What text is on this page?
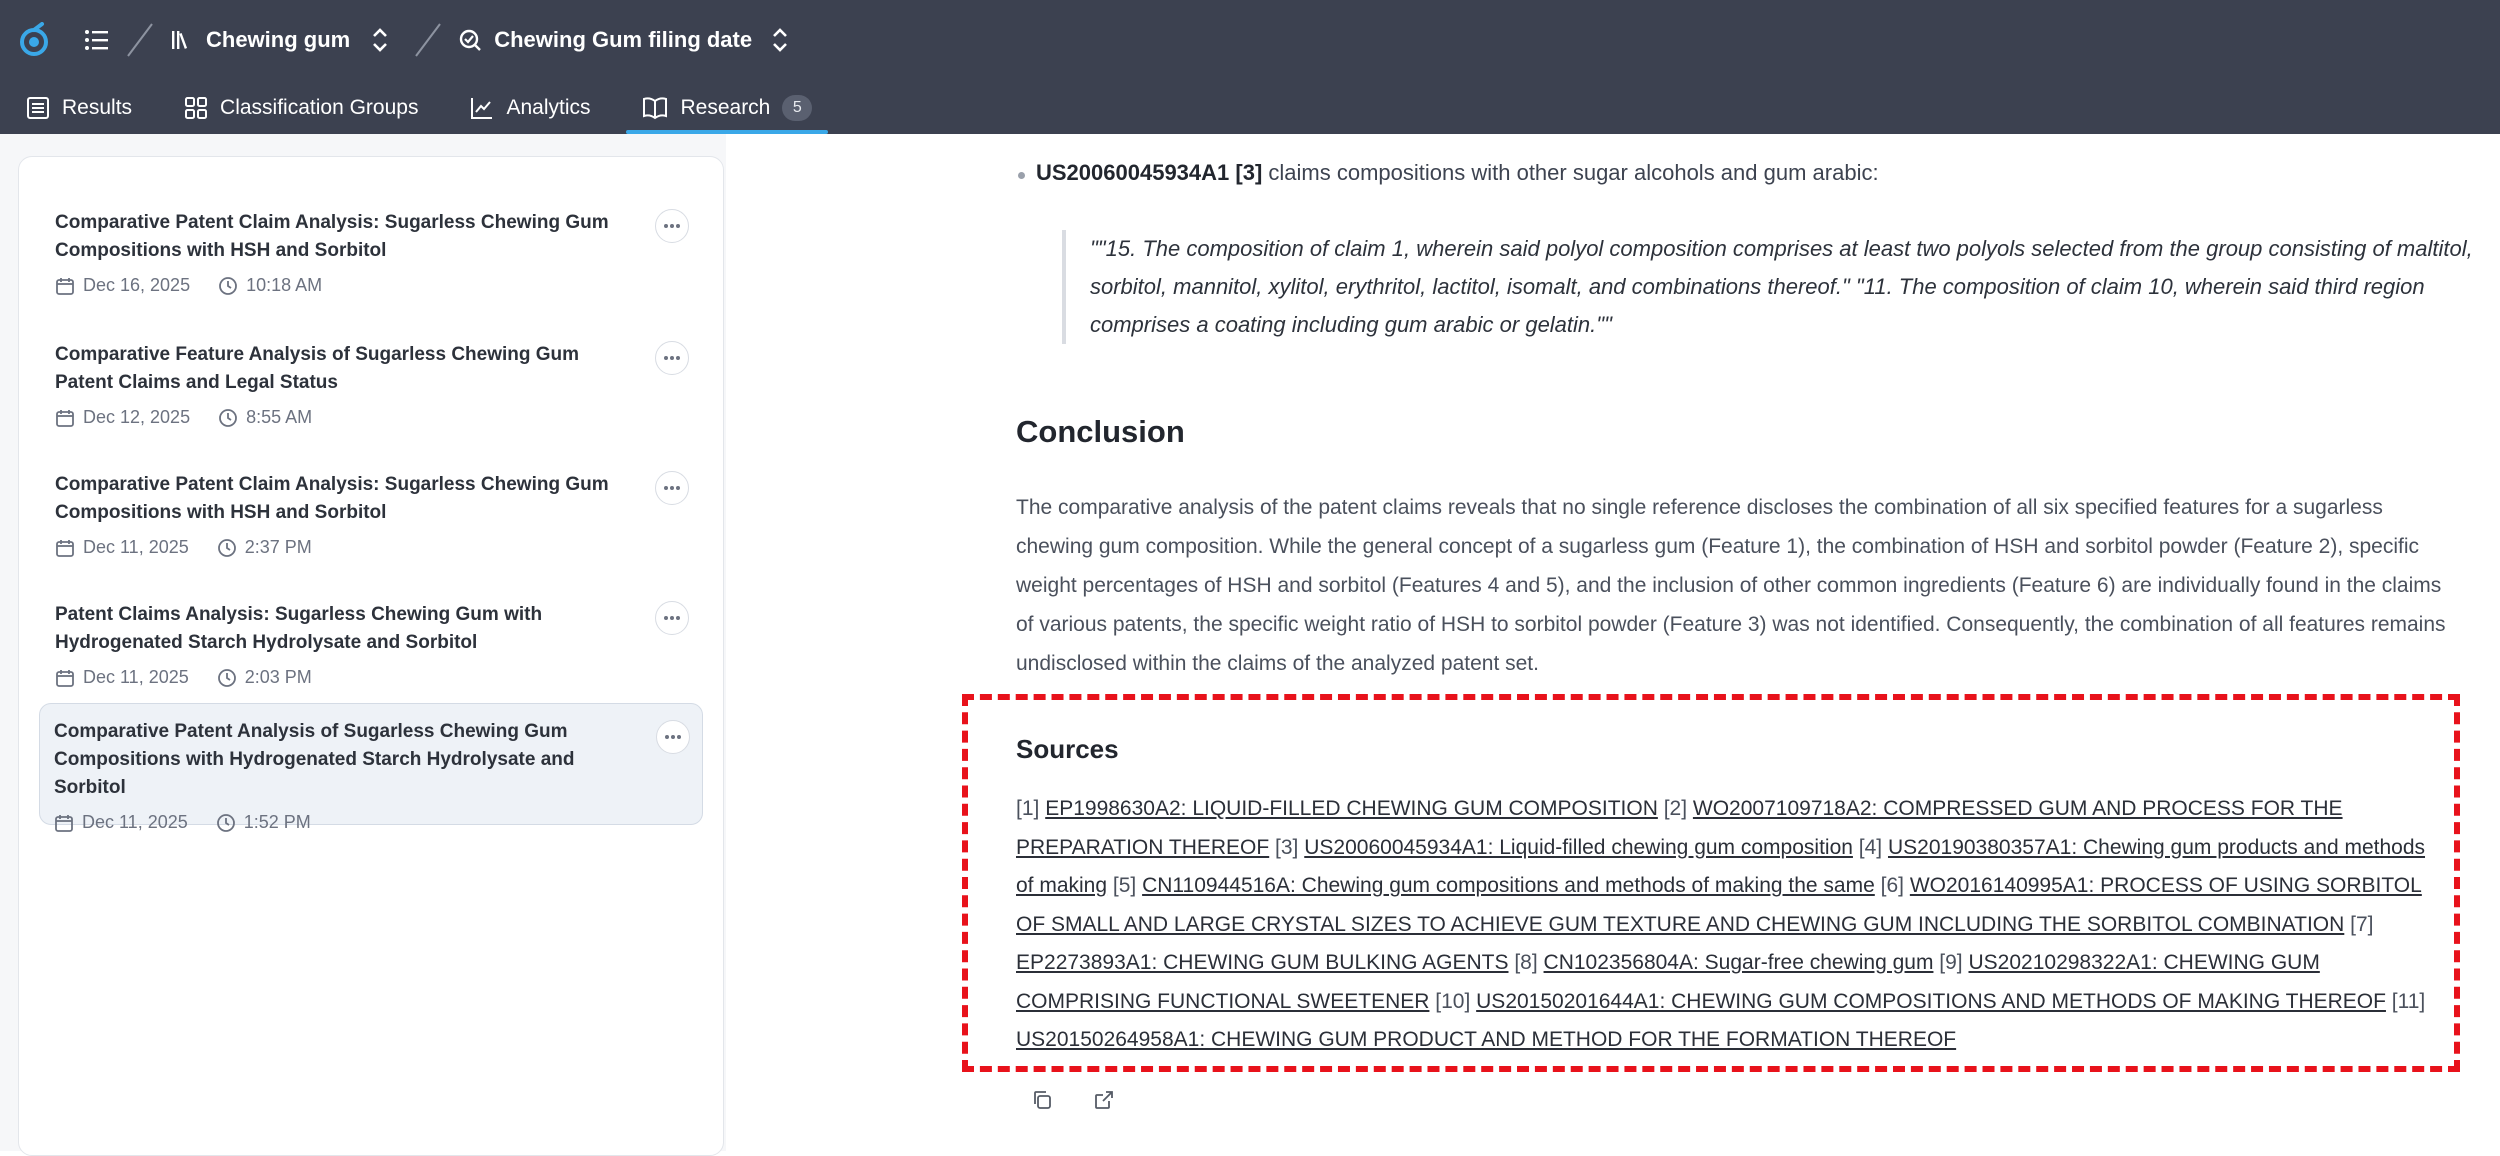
Chewing gum	Chewing Gum filing date
Results	Classification Groups	Analytics	Research	5
Comparative Patent Claim Analysis: Sugarless Chewing Gum Compositions with HSH and Sorbitol
Dec 16, 2025	10:18 AM
Comparative Feature Analysis of Sugarless Chewing Gum Patent Claims and Legal Status
Dec 12, 2025	8:55 AM
Comparative Patent Claim Analysis: Sugarless Chewing Gum Compositions with HSH and Sorbitol
Dec 11, 2025	2:37 PM
Patent Claims Analysis: Sugarless Chewing Gum with Hydrogenated Starch Hydrolysate and Sorbitol
Dec 11, 2025	2:03 PM
Comparative Patent Analysis of Sugarless Chewing Gum Compositions with Hydrogenated Starch Hydrolysate and Sorbitol
Dec 11, 2025	1:52 PM
US20060045934A1 [3] claims compositions with other sugar alcohols and gum arabic:
""15. The composition of claim 1, wherein said polyol composition comprises at least two polyols selected from the group consisting of maltitol, sorbitol, mannitol, xylitol, erythritol, lactitol, isomalt, and combinations thereof." "11. The composition of claim 10, wherein said third region comprises a coating including gum arabic or gelatin.""
Conclusion
The comparative analysis of the patent claims reveals that no single reference discloses the combination of all six specified features for a sugarless chewing gum composition. While the general concept of a sugarless gum (Feature 1), the combination of HSH and sorbitol powder (Feature 2), specific weight percentages of HSH and sorbitol (Features 4 and 5), and the inclusion of other common ingredients (Feature 6) are individually found in the claims of various patents, the specific weight ratio of HSH to sorbitol powder (Feature 3) was not identified. Consequently, the combination of all features remains undisclosed within the claims of the analyzed patent set.
Sources
[1] EP1998630A2: LIQUID-FILLED CHEWING GUM COMPOSITION [2] WO2007109718A2: COMPRESSED GUM AND PROCESS FOR THE PREPARATION THEREOF [3] US20060045934A1: Liquid-filled chewing gum composition [4] US20190380357A1: Chewing gum products and methods of making [5] CN110944516A: Chewing gum compositions and methods of making the same [6] WO2016140995A1: PROCESS OF USING SORBITOL OF SMALL AND LARGE CRYSTAL SIZES TO ACHIEVE GUM TEXTURE AND CHEWING GUM INCLUDING THE SORBITOL COMBINATION [7] EP2273893A1: CHEWING GUM BULKING AGENTS [8] CN102356804A: Sugar-free chewing gum [9] US20210298322A1: CHEWING GUM COMPRISING FUNCTIONAL SWEETENER [10] US20150201644A1: CHEWING GUM COMPOSITIONS AND METHODS OF MAKING THEREOF [11] US20150264958A1: CHEWING GUM PRODUCT AND METHOD FOR THE FORMATION THEREOF
